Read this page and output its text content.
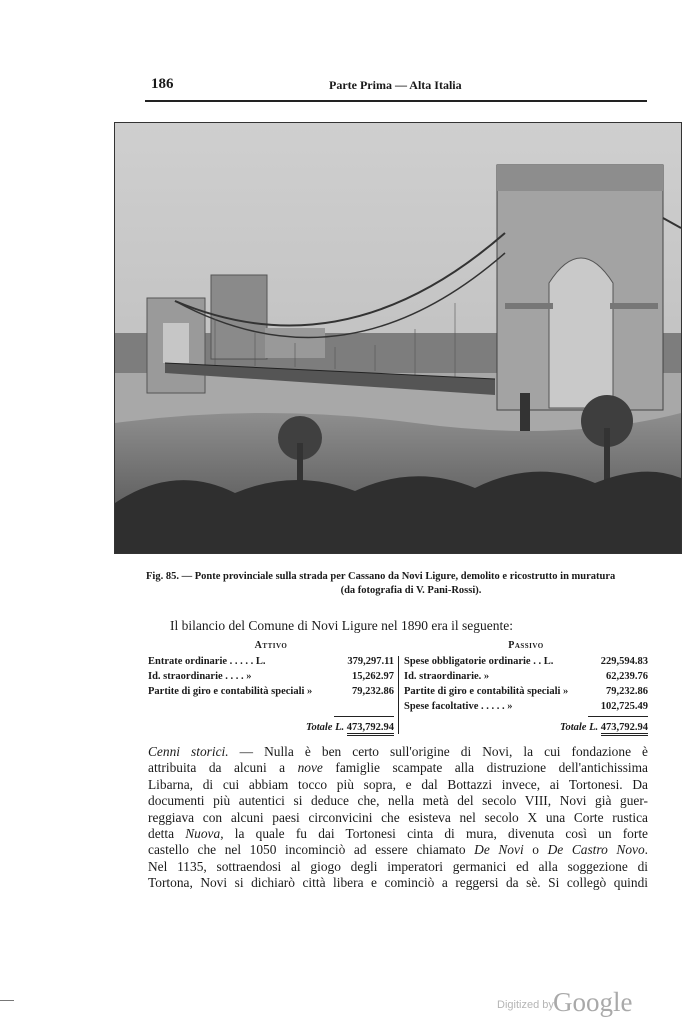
186	Parte Prima — Alta Italia
Fig. 85. — Ponte provinciale sulla strada per Cassano da Novi Ligure, demolito e ricostrutto in muratura
(da fotografia di V. Pani-Rossi).
Il bilancio del Comune di Novi Ligure nel 1890 era il seguente:
Attivo
Entrate ordinarie . . . . . L.	379,297.11
Id. straordinarie . . . . »	15,262.97
Partite di giro e contabilità speciali »	79,232.86
Totale L. 473,792.94
Passivo
Spese obbligatorie ordinarie . . L.	229,594.83
Id. straordinarie. »	62,239.76
Partite di giro e contabilità speciali »	79,232.86
Spese facoltative . . . . . »	102,725.49
Totale L. 473,792.94
Cenni storici. — Nulla è ben certo sull'origine di Novi, la cui fondazione è
attribuita da alcuni a nove famiglie scampate alla distruzione dell'antichissima
Libarna, di cui abbiam tocco più sopra, e dal Bottazzi invece, ai Tortonesi. Da
documenti più autentici si deduce che, nella metà del secolo VIII, Novi già guer-
reggiava con alcuni paesi circonvicini che esisteva nel secolo X una Corte rustica
detta Nuova, la quale fu dai Tortonesi cinta di mura, divenuta così un forte
castello che nel 1050 incominciò ad essere chiamato De Novi o De Castro Novo.
Nel 1135, sottraendosi al giogo degli imperatori germanici ed alla soggezione di
Tortona, Novi si dichiarò città libera e cominciò a reggersi da sè. Si collegò quindi
Digitized by Google
